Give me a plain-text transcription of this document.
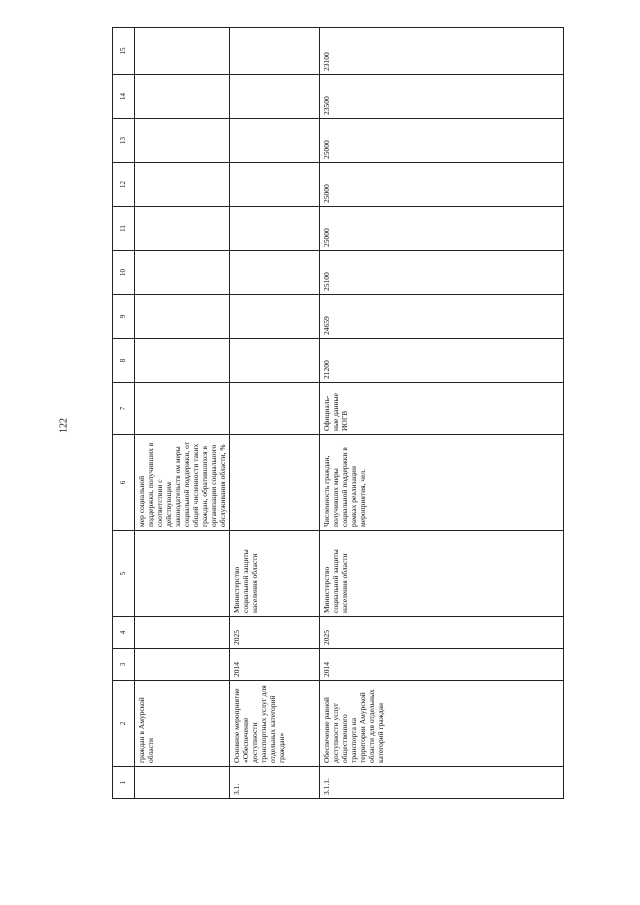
122
1	2	3	4	5	6	7	8	9	10	11	12	13	14	15
	граждан в Амурской области				мер социальной поддержки, получивших в соответствии с действующим законодательств ом меры социальной поддержки, от общей численности таких граждан, обратившихся в организации социального обслуживания области, %									
3.1.	Основное мероприятие «Обеспечение доступности транспортных услуг для отдельных категорий граждан»	2014	2025	Министерство социальной защиты населения области										
3.1.1.	Обеспечение равной доступности услуг общественного транспорта на территории Амурской области для отдельных категорий граждан	2014	2025	Министерство социальной защиты населения области	Численность граждан, получивших меры социальной поддержки в рамках реализации мероприятия, чел.	Официаль-ные данные ИОГВ	21200	24659	25100	25000	25000	25000	23500	23100
